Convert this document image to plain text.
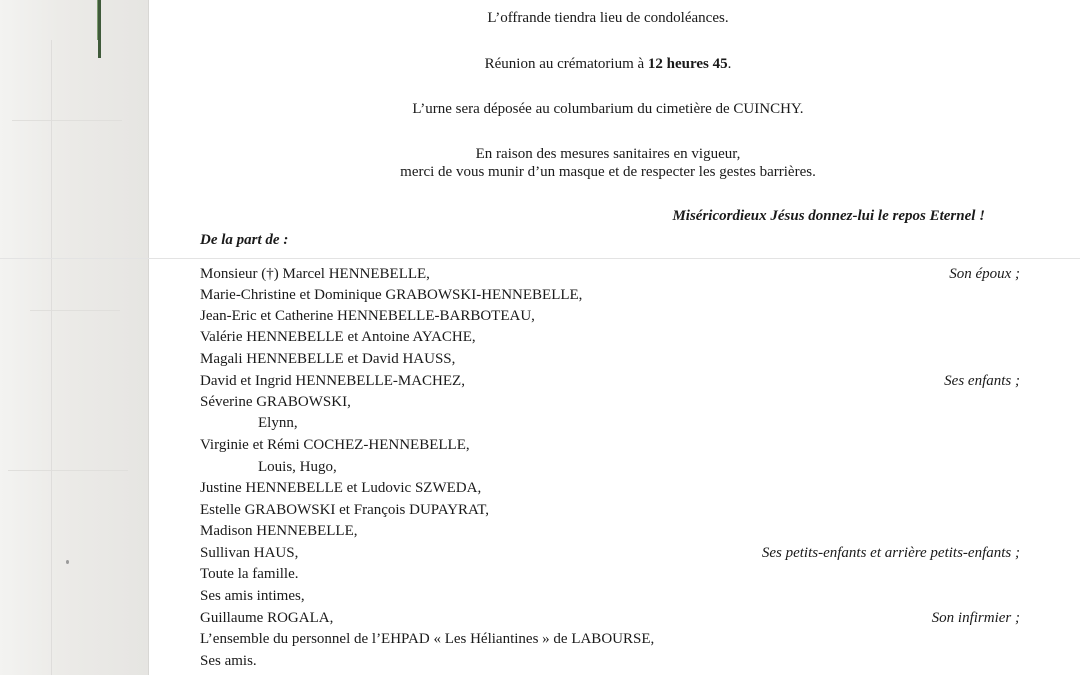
L’offrande tiendra lieu de condoléances.
Réunion au crématorium à 12 heures 45.
L’urne sera déposée au columbarium du cimetière de CUINCHY.
En raison des mesures sanitaires en vigueur,
merci de vous munir d’un masque et de respecter les gestes barrières.
Miséricordieux Jésus donnez-lui le repos Eternel !
De la part de :
Monsieur (†) Marcel HENNEBELLE,
Marie-Christine et Dominique GRABOWSKI-HENNEBELLE,
Jean-Eric et Catherine HENNEBELLE-BARBOTEAU,
Valérie HENNEBELLE et Antoine AYACHE,
Magali HENNEBELLE et David HAUSS,
David et Ingrid HENNEBELLE-MACHEZ,
Séverine GRABOWSKI,
Elynn,
Virginie et Rémi COCHEZ-HENNEBELLE,
Louis, Hugo,
Justine HENNEBELLE et Ludovic SZWEDA,
Estelle GRABOWSKI et François DUPAYRAT,
Madison HENNEBELLE,
Sullivan HAUS,
Toute la famille.
Ses amis intimes,
Guillaume ROGALA,
L’ensemble du personnel de l’EHPAD « Les Héliantines » de LABOURSE,
Ses amis.
Son époux ;
Ses enfants ;
Ses petits-enfants et arrière petits-enfants ;
Son infirmier ;
